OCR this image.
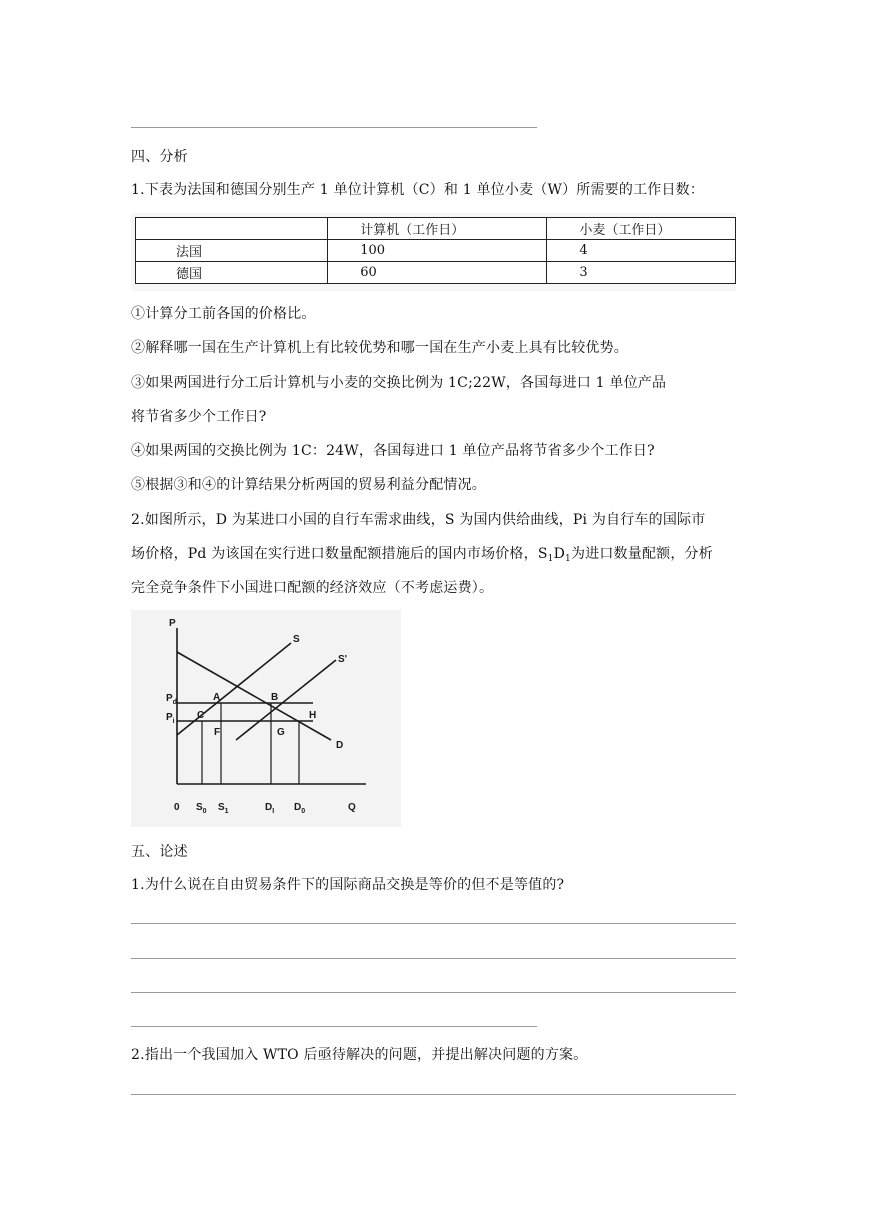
四、分析
1.下表为法国和德国分别生产 1 单位计算机（C）和 1 单位小麦（W）所需要的工作日数：
	计算机（工作日）	小麦（工作日）
法国	100	4
德国	60	3
①计算分工前各国的价格比。
②解释哪一国在生产计算机上有比较优势和哪一国在生产小麦上具有比较优势。
③如果两国进行分工后计算机与小麦的交换比例为 1C;22W，各国每进口 1 单位产品
将节省多少个工作日?
④如果两国的交换比例为 1C：24W，各国每进口 1 单位产品将节省多少个工作日?
⑤根据③和④的计算结果分析两国的贸易利益分配情况。
2.如图所示，D 为某进口小国的自行车需求曲线，S 为国内供给曲线，Pi 为自行车的国际市
场价格，Pd 为该国在实行进口数量配额措施后的国内市场价格，$S_1D_1$为进口数量配额，分析
完全竞争条件下小国进口配额的经济效应（不考虑运费）。
P
S
S'
$P_d$
$P_i$
A	B
C
F	G
H
D
0 $S_0$ $S_1$	$D_I$ $D_0$	Q
五、论述
1.为什么说在自由贸易条件下的国际商品交换是等价的但不是等值的?
2.指出一个我国加入 WTO 后亟待解决的问题，并提出解决问题的方案。
